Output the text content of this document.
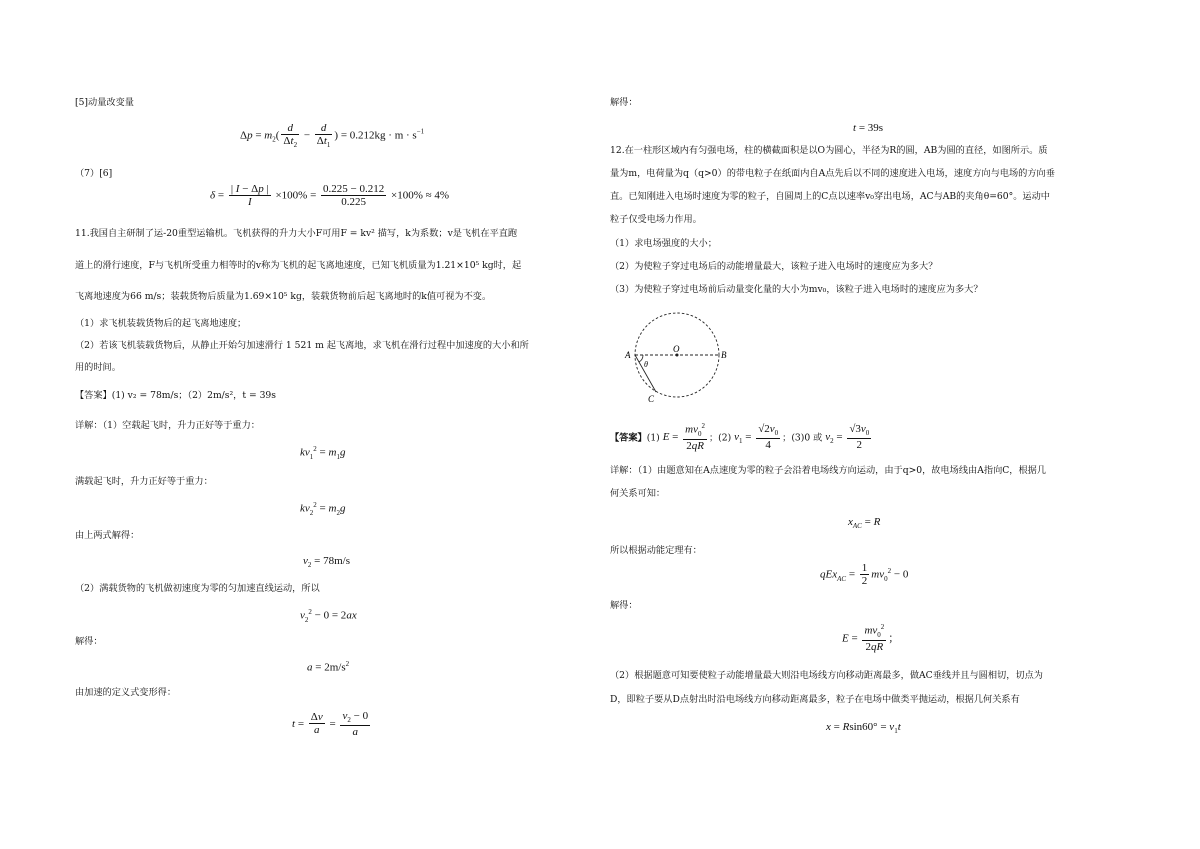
[5]动量改变量
$\Delta p = m_2( \frac{d}{\Delta t_2} - \frac{d}{\Delta t_1}$ ) = $0.212kg \cdot m \cdot s^{-1}$
（7）[6]
$\delta = \frac{| I - \Delta p |}{I} \times 100\% = \frac{0.225 - 0.212}{0.225} \times 100\% \approx 4\%$
11.我国自主研制了运-20重型运输机。飞机获得的升力大小F可用F = kv² 描写，k为系数；v是飞机在平直跑
道上的滑行速度，F与飞机所受重力相等时的v称为飞机的起飞离地速度，已知飞机质量为1.21×10⁵ kg时，起
飞离地速度为66 m/s；装载货物后质量为1.69×10⁵ kg，装载货物前后起飞离地时的k值可视为不变。
（1）求飞机装载货物后的起飞离地速度；
（2）若该飞机装载货物后，从静止开始匀加速滑行 1 521 m 起飞离地，求飞机在滑行过程中加速度的大小和所
用的时间。
【答案】(1) v₂ = 78m/s；（2）2m/s²，t = 39s
详解：（1）空载起飞时，升力正好等于重力：
$kv_1^2 = m_1g$
满载起飞时，升力正好等于重力：
$kv_2^2 = m_2g$
由上两式解得：
$v_2 = 78m/s$
（2）满载货物的飞机做初速度为零的匀加速直线运动，所以
$v_2^2 - 0 = 2ax$
解得：
$a = 2m/s^2$
由加速的定义式变形得：
$t = \frac{\Delta v}{a} = \frac{v_2 - 0}{a}$
解得：
t = 39s
12.在一柱形区域内有匀强电场，柱的横截面积是以O为圆心，半径为R的圆，AB为圆的直径，如图所示。质
量为m，电荷量为q（q>0）的带电粒子在纸面内自A点先后以不同的速度进入电场，速度方向与电场的方向垂
直。已知刚进入电场时速度为零的粒子，自圆周上的C点以速率v₀穿出电场，AC与AB的夹角θ=60°。运动中
粒子仅受电场力作用。
（1）求电场强度的大小；
（2）为使粒子穿过电场后的动能增量最大，该粒子进入电场时的速度应为多大？
（3）为使粒子穿过电场前后动量变化量的大小为mv₀，该粒子进入电场时的速度应为多大？
A	B
O
C
θ
【答案】(1) $E = \frac{mv_0^2}{2qR}$ ；(2) $v_1 = \frac{√2v_0}{4}$ ；(3)0 或 $v_2 = \frac{√3v_0}{2}$
详解：（1）由题意知在A点速度为零的粒子会沿着电场线方向运动，由于q>0，故电场线由A指向C，根据几
何关系可知：
$x_{AC} = R$
所以根据动能定理有：
$qEx_{AC} = \frac{1}{2} mv_0^2 - 0$
解得：
$E = \frac{mv_0^2}{2qR}$ ；
（2）根据题意可知要使粒子动能增量最大则沿电场线方向移动距离最多，做AC垂线并且与圆相切，切点为
D，即粒子要从D点射出时沿电场线方向移动距离最多，粒子在电场中做类平抛运动，根据几何关系有
$x = Rsin60^\circ = v_1t$
